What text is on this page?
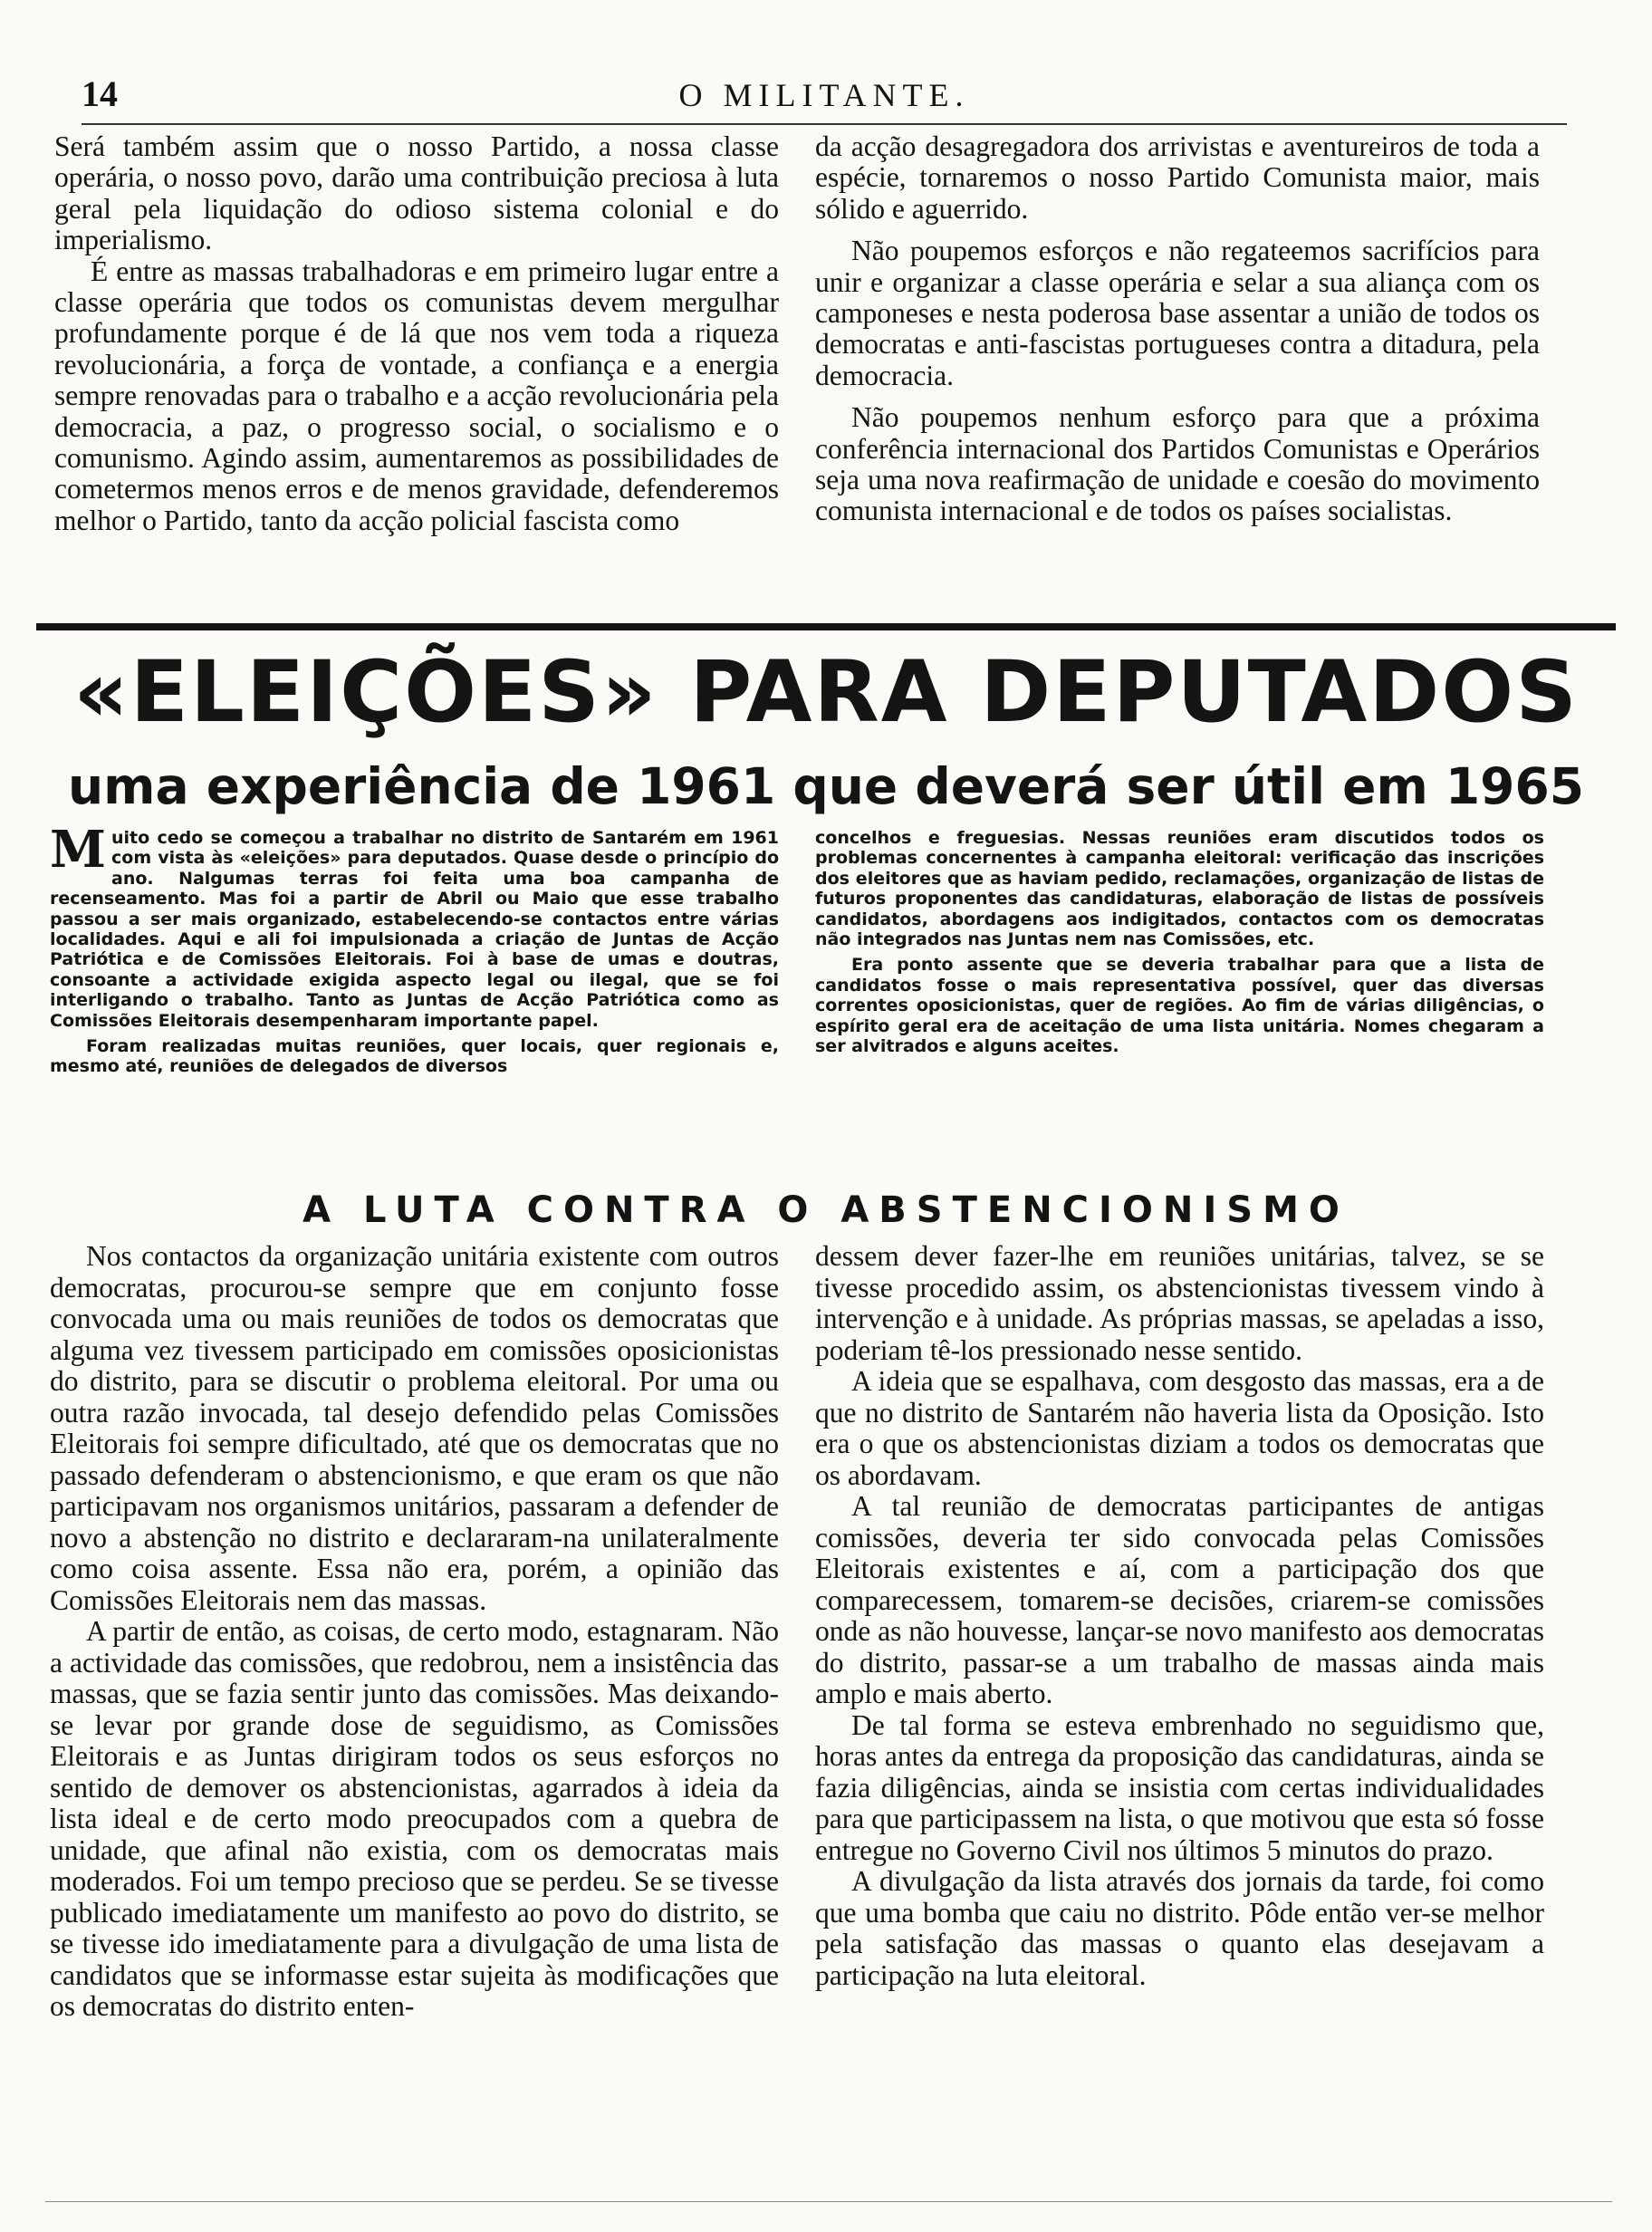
14	O MILITANTE.

Será também assim que o nosso Partido, a nossa classe operária, o nosso povo, darão uma contribuição preciosa à luta geral pela liquidação do odioso sistema colonial e do imperialismo.

É entre as massas trabalhadoras e em primeiro lugar entre a classe operária que todos os comunistas devem mergulhar profundamente porque é de lá que nos vem toda a riqueza revolucionária, a força de vontade, a confiança e a energia sempre renovadas para o trabalho e a acção revolucionária pela democracia, a paz, o progresso social, o socialismo e o comunismo. Agindo assim, aumentaremos as possibilidades de cometermos menos erros e de menos gravidade, defenderemos melhor o Partido, tanto da acção policial fascista como

da acção desagregadora dos arrivistas e aventureiros de toda a espécie, tornaremos o nosso Partido Comunista maior, mais sólido e aguerrido.

Não poupemos esforços e não regateemos sacrifícios para unir e organizar a classe operária e selar a sua aliança com os camponeses e nesta poderosa base assentar a união de todos os democratas e anti-fascistas portugueses contra a ditadura, pela democracia.

Não poupemos nenhum esforço para que a próxima conferência internacional dos Partidos Comunistas e Operários seja uma nova reafirmação de unidade e coesão do movimento comunista internacional e de todos os países socialistas.

«ELEIÇÕES» PARA DEPUTADOS
uma experiência de 1961 que deverá ser útil em 1965

Muito cedo se começou a trabalhar no distrito de Santarém em 1961 com vista às «eleições» para deputados. Quase desde o princípio do ano. Nalgumas terras foi feita uma boa campanha de recenseamento. Mas foi a partir de Abril ou Maio que esse trabalho passou a ser mais organizado, estabelecendo-se contactos entre várias localidades. Aqui e ali foi impulsionada a criação de Juntas de Acção Patriótica e de Comissões Eleitorais. Foi à base de umas e doutras, consoante a actividade exigida aspecto legal ou ilegal, que se foi interligando o trabalho. Tanto as Juntas de Acção Patriótica como as Comissões Eleitorais desempenharam importante papel.

Foram realizadas muitas reuniões, quer locais, quer regionais e, mesmo até, reuniões de delegados de diversos

concelhos e freguesias. Nessas reuniões eram discutidos todos os problemas concernentes à campanha eleitoral: verificação das inscrições dos eleitores que as haviam pedido, reclamações, organização de listas de futuros proponentes das candidaturas, elaboração de listas de possíveis candidatos, abordagens aos indigitados, contactos com os democratas não integrados nas Juntas nem nas Comissões, etc.

Era ponto assente que se deveria trabalhar para que a lista de candidatos fosse o mais representativa possível, quer das diversas correntes oposicionistas, quer de regiões. Ao fim de várias diligências, o espírito geral era de aceitação de uma lista unitária. Nomes chegaram a ser alvitrados e alguns aceites.

A LUTA CONTRA O ABSTENCIONISMO

Nos contactos da organização unitária existente com outros democratas, procurou-se sempre que em conjunto fosse convocada uma ou mais reuniões de todos os democratas que alguma vez tivessem participado em comissões oposicionistas do distrito, para se discutir o problema eleitoral. Por uma ou outra razão invocada, tal desejo defendido pelas Comissões Eleitorais foi sempre dificultado, até que os democratas que no passado defenderam o abstencionismo, e que eram os que não participavam nos organismos unitários, passaram a defender de novo a abstenção no distrito e declararam-na unilateralmente como coisa assente. Essa não era, porém, a opinião das Comissões Eleitorais nem das massas.

A partir de então, as coisas, de certo modo, estagnaram. Não a actividade das comissões, que redobrou, nem a insistência das massas, que se fazia sentir junto das comissões. Mas deixando-se levar por grande dose de seguidismo, as Comissões Eleitorais e as Juntas dirigiram todos os seus esforços no sentido de demover os abstencionistas, agarrados à ideia da lista ideal e de certo modo preocupados com a quebra de unidade, que afinal não existia, com os democratas mais moderados. Foi um tempo precioso que se perdeu. Se se tivesse publicado imediatamente um manifesto ao povo do distrito, se se tivesse ido imediatamente para a divulgação de uma lista de candidatos que se informasse estar sujeita às modificações que os democratas do distrito enten-

dessem dever fazer-lhe em reuniões unitárias, talvez, se se tivesse procedido assim, os abstencionistas tivessem vindo à intervenção e à unidade. As próprias massas, se apeladas a isso, poderiam tê-los pressionado nesse sentido.

A ideia que se espalhava, com desgosto das massas, era a de que no distrito de Santarém não haveria lista da Oposição. Isto era o que os abstencionistas diziam a todos os democratas que os abordavam.

A tal reunião de democratas participantes de antigas comissões, deveria ter sido convocada pelas Comissões Eleitorais existentes e aí, com a participação dos que comparecessem, tomarem-se decisões, criarem-se comissões onde as não houvesse, lançar-se novo manifesto aos democratas do distrito, passar-se a um trabalho de massas ainda mais amplo e mais aberto.

De tal forma se esteva embrenhado no seguidismo que, horas antes da entrega da proposição das candidaturas, ainda se fazia diligências, ainda se insistia com certas individualidades para que participassem na lista, o que motivou que esta só fosse entregue no Governo Civil nos últimos 5 minutos do prazo.

A divulgação da lista através dos jornais da tarde, foi como que uma bomba que caiu no distrito. Pôde então ver-se melhor pela satisfação das massas o quanto elas desejavam a participação na luta eleitoral.
